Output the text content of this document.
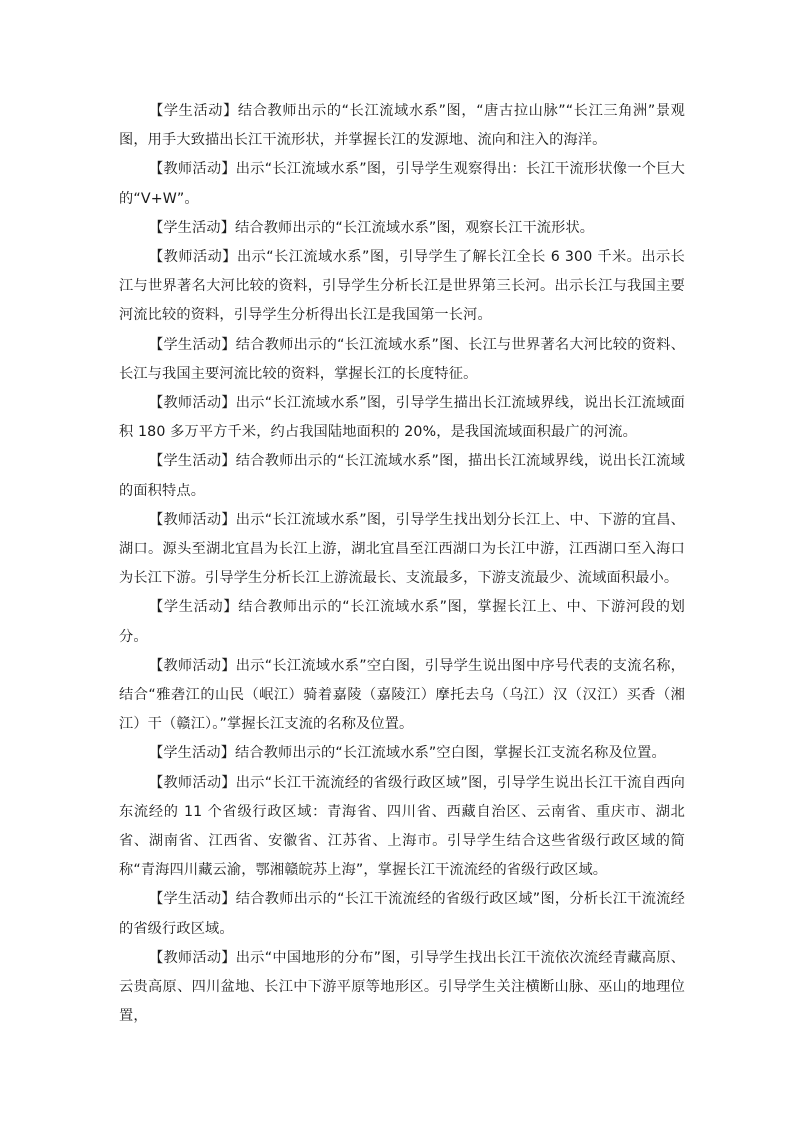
【学生活动】结合教师出示的“长江流域水系”图，“唐古拉山脉”“长江三角洲”景观图，用手大致描出长江干流形状，并掌握长江的发源地、流向和注入的海洋。

【教师活动】出示“长江流域水系”图，引导学生观察得出：长江干流形状像一个巨大的“V+W”。

【学生活动】结合教师出示的“长江流域水系”图，观察长江干流形状。

【教师活动】出示“长江流域水系”图，引导学生了解长江全长 6 300 千米。出示长江与世界著名大河比较的资料，引导学生分析长江是世界第三长河。出示长江与我国主要河流比较的资料，引导学生分析得出长江是我国第一长河。

【学生活动】结合教师出示的“长江流域水系”图、长江与世界著名大河比较的资料、长江与我国主要河流比较的资料，掌握长江的长度特征。

【教师活动】出示“长江流域水系”图，引导学生描出长江流域界线，说出长江流域面积 180 多万平方千米，约占我国陆地面积的 20%，是我国流域面积最广的河流。

【学生活动】结合教师出示的“长江流域水系”图，描出长江流域界线，说出长江流域的面积特点。

【教师活动】出示“长江流域水系”图，引导学生找出划分长江上、中、下游的宜昌、湖口。源头至湖北宜昌为长江上游，湖北宜昌至江西湖口为长江中游，江西湖口至入海口为长江下游。引导学生分析长江上游流最长、支流最多，下游支流最少、流域面积最小。

【学生活动】结合教师出示的“长江流域水系”图，掌握长江上、中、下游河段的划分。

【教师活动】出示“长江流域水系”空白图，引导学生说出图中序号代表的支流名称，结合“雅砻江的山民（岷江）骑着嘉陵（嘉陵江）摩托去乌（乌江）汉（汉江）买香（湘江）干（赣江）。”掌握长江支流的名称及位置。

【学生活动】结合教师出示的“长江流域水系”空白图，掌握长江支流名称及位置。

【教师活动】出示“长江干流流经的省级行政区域”图，引导学生说出长江干流自西向东流经的 11 个省级行政区域：青海省、四川省、西藏自治区、云南省、重庆市、湖北省、湖南省、江西省、安徽省、江苏省、上海市。引导学生结合这些省级行政区域的简称“青海四川藏云渝，鄂湘赣皖苏上海”，掌握长江干流流经的省级行政区域。

【学生活动】结合教师出示的“长江干流流经的省级行政区域”图，分析长江干流流经的省级行政区域。

【教师活动】出示“中国地形的分布”图，引导学生找出长江干流依次流经青藏高原、云贵高原、四川盆地、长江中下游平原等地形区。引导学生关注横断山脉、巫山的地理位置，
